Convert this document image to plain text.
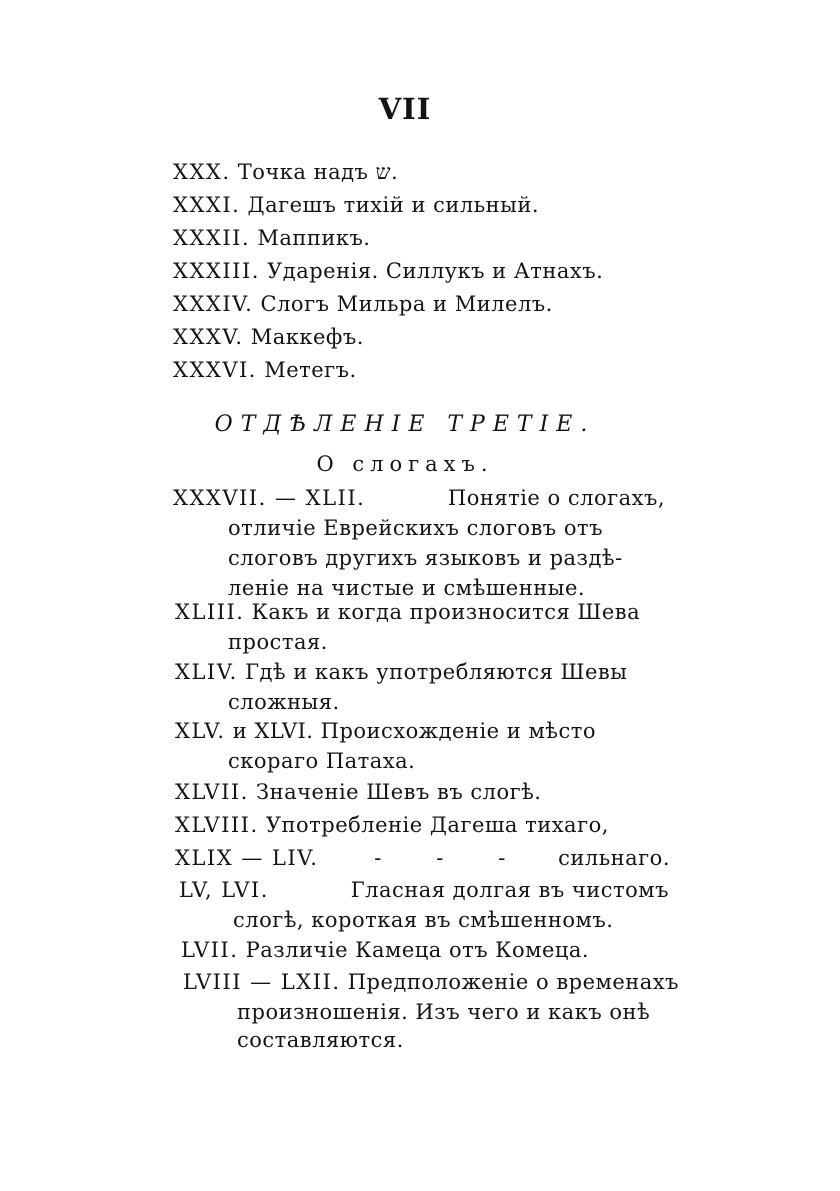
VII
XXX. Точка надъ ש.
XXXI. Дагешъ тихій и сильный.
XXXII. Маппикъ.
XXXIII. Ударенія. Силлукъ и Атнахъ.
XXXIV. Слогъ Мильра и Милелъ.
XXXV. Маккефъ.
XXXVI. Метегъ.
ОТДѢЛЕНІЕ ТРЕТІЕ.
О слогахъ.
XXXVII. — XLII.	Понятіе о слогахъ,
отличіе Еврейскихъ слоговъ отъ
слоговъ другихъ языковъ и раздѣ-
леніе на чистые и смѣшенные.
XLIII. Какъ и когда произносится Шева
простая.
XLIV. Гдѣ и какъ употребляются Шевы
сложныя.
XLV. и XLVI. Происхожденіе и мѣсто
скораго Патаха.
XLVII. Значеніе Шевъ въ слогѣ.
XLVIII. Употребленіе Дагеша тихаго,
XLIX — LIV.	-	-	-	сильнаго.
LV, LVI.	Гласная долгая въ чистомъ
слогѣ, короткая въ смѣшенномъ.
LVII. Различіе Камеца отъ Комеца.
LVIII — LXII. Предположеніе о временахъ
произношенія. Изъ чего и какъ онѣ
составляются.
